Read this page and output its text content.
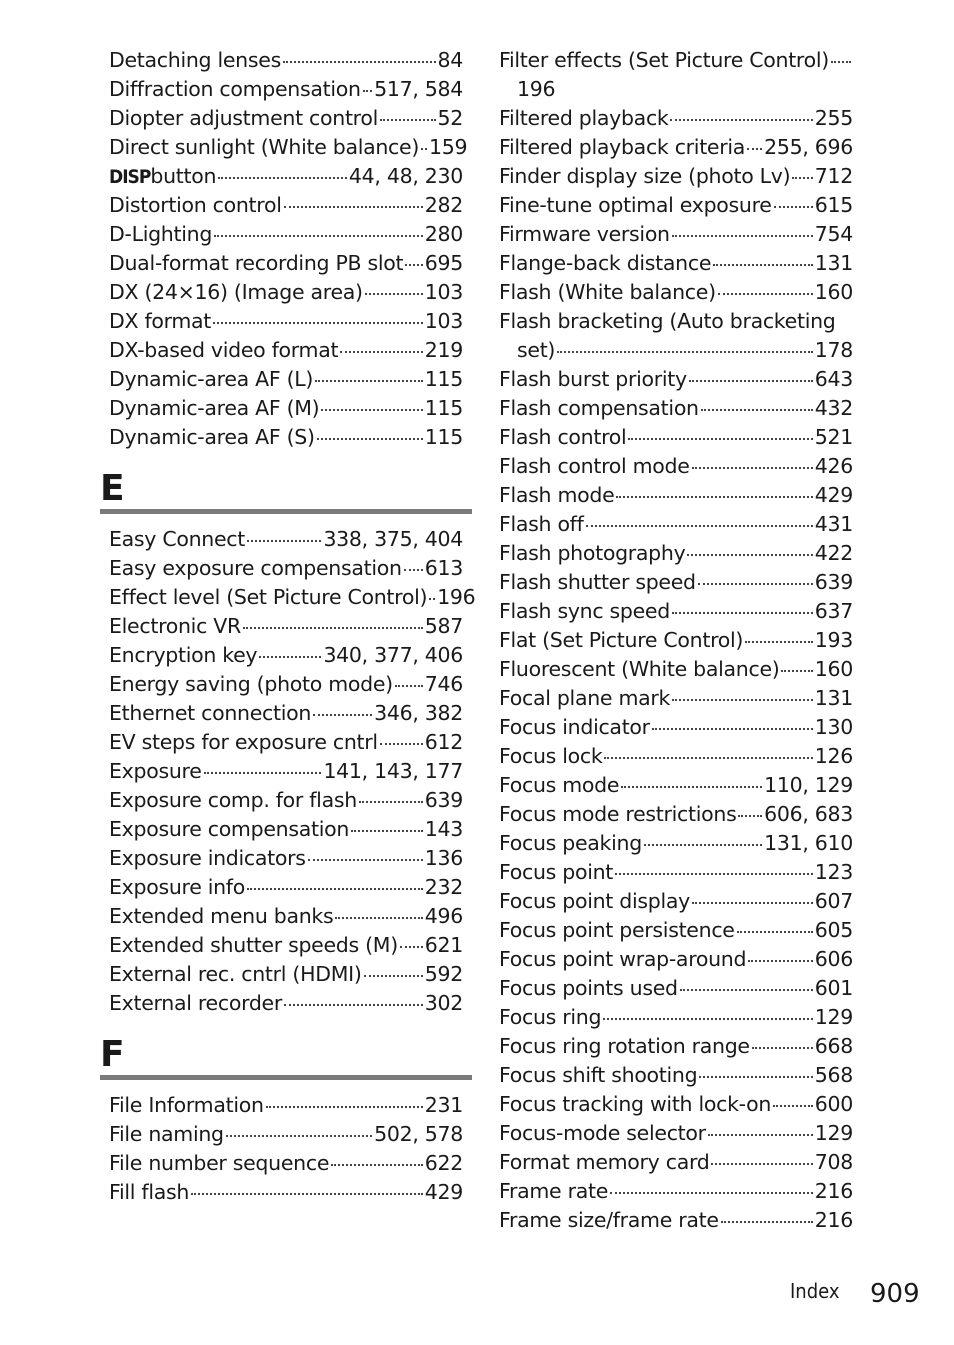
Detaching lenses	84
Diffraction compensation 517, 584
Diopter adjustment control	52
Direct sunlight (White balance) 159
DISP button	44, 48, 230
Distortion control	282
D-Lighting	280
Dual-format recording PB slot 695
DX (24×16) (Image area)	103
DX format	103
DX-based video format	219
Dynamic-area AF (L)	115
Dynamic-area AF (M)	115
Dynamic-area AF (S)	115
E
Easy Connect	338, 375, 404
Easy exposure compensation 613
Effect level (Set Picture Control) 196
Electronic VR	587
Encryption key	340, 377, 406
Energy saving (photo mode) 746
Ethernet connection	346, 382
EV steps for exposure cntrl 612
Exposure	141, 143, 177
Exposure comp. for flash	639
Exposure compensation	143
Exposure indicators	136
Exposure info	232
Extended menu banks	496
Extended shutter speeds (M) 621
External rec. cntrl (HDMI)	592
External recorder	302
F
File Information	231
File naming	502, 578
File number sequence	622
Fill flash	429
Filter effects (Set Picture Control)
196
Filtered playback	255
Filtered playback criteria 255, 696
Finder display size (photo Lv) 712
Fine-tune optimal exposure 615
Firmware version	754
Flange-back distance	131
Flash (White balance)	160
Flash bracketing (Auto bracketing
set)	178
Flash burst priority	643
Flash compensation	432
Flash control	521
Flash control mode	426
Flash mode	429
Flash off	431
Flash photography	422
Flash shutter speed	639
Flash sync speed	637
Flat (Set Picture Control)	193
Fluorescent (White balance) 160
Focal plane mark	131
Focus indicator	130
Focus lock	126
Focus mode	110, 129
Focus mode restrictions 606, 683
Focus peaking	131, 610
Focus point	123
Focus point display	607
Focus point persistence	605
Focus point wrap-around	606
Focus points used	601
Focus ring	129
Focus ring rotation range	668
Focus shift shooting	568
Focus tracking with lock-on 600
Focus-mode selector	129
Format memory card	708
Frame rate	216
Frame size/frame rate	216
Index 909
